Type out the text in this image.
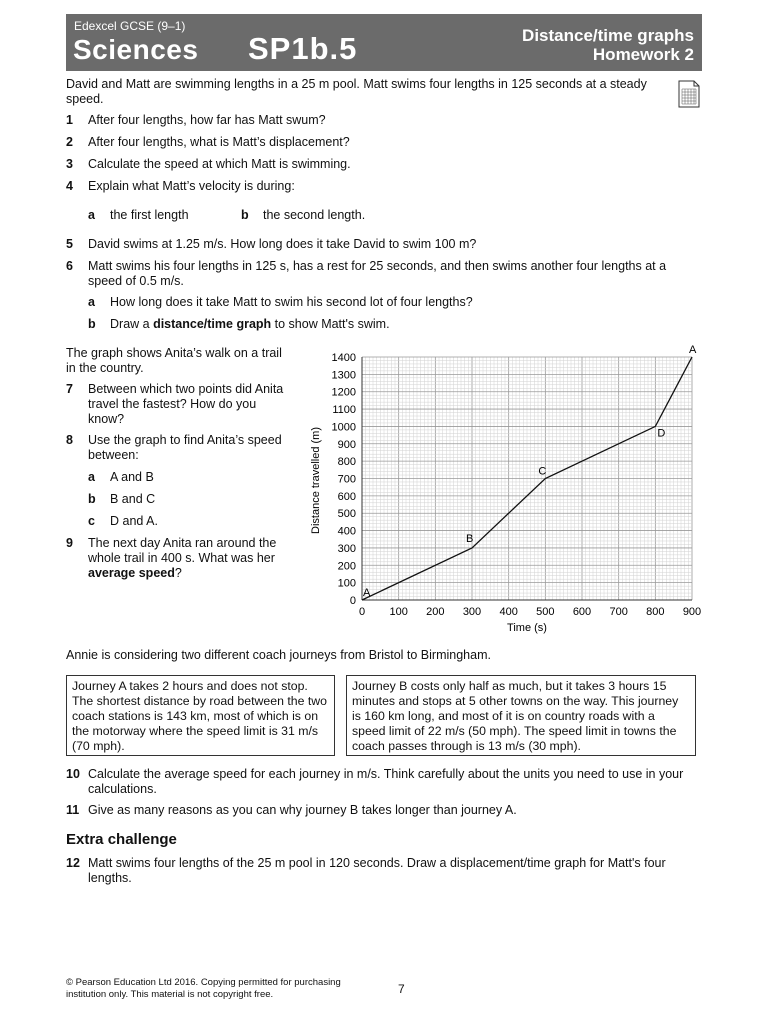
Edexcel GCSE (9–1)
Sciences SP1b.5	Distance/time graphs
Homework 2
David and Matt are swimming lengths in a 25 m pool. Matt swims four lengths in 125 seconds at a steady speed.
1 After four lengths, how far has Matt swum?
2 After four lengths, what is Matt’s displacement?
3 Calculate the speed at which Matt is swimming.
4 Explain what Matt’s velocity is during:
a the first length	b the second length.
5 David swims at 1.25 m/s. How long does it take David to swim 100 m?
6 Matt swims his four lengths in 125 s, has a rest for 25 seconds, and then swims another four lengths at a speed of 0.5 m/s.
a How long does it take Matt to swim his second lot of four lengths?
b Draw a distance/time graph to show Matt's swim.
The graph shows Anita’s walk on a trail in the country.
7 Between which two points did Anita travel the fastest? How do you know?
8 Use the graph to find Anita’s speed between:
a A and B
b B and C
c D and A.
9 The next day Anita ran around the whole trail in 400 s. What was her average speed?
0 100 200 300 400 500 600 700 800 900
0
100
200
300
400
500
600
700
800
900
1000
1100
1200
1300
1400
A
B
C
D
A
Time (s)
Distance travelled (m)
Annie is considering two different coach journeys from Bristol to Birmingham.
Journey A takes 2 hours and does not stop. The shortest distance by road between the two coach stations is 143 km, most of which is on the motorway where the speed limit is 31 m/s (70 mph).
Journey B costs only half as much, but it takes 3 hours 15 minutes and stops at 5 other towns on the way. This journey is 160 km long, and most of it is on country roads with a speed limit of 22 m/s (50 mph). The speed limit in towns the coach passes through is 13 m/s (30 mph).
10 Calculate the average speed for each journey in m/s. Think carefully about the units you need to use in your calculations.
11 Give as many reasons as you can why journey B takes longer than journey A.
Extra challenge
12 Matt swims four lengths of the 25 m pool in 120 seconds. Draw a displacement/time graph for Matt's four lengths.
© Pearson Education Ltd 2016. Copying permitted for purchasing institution only. This material is not copyright free.	7
